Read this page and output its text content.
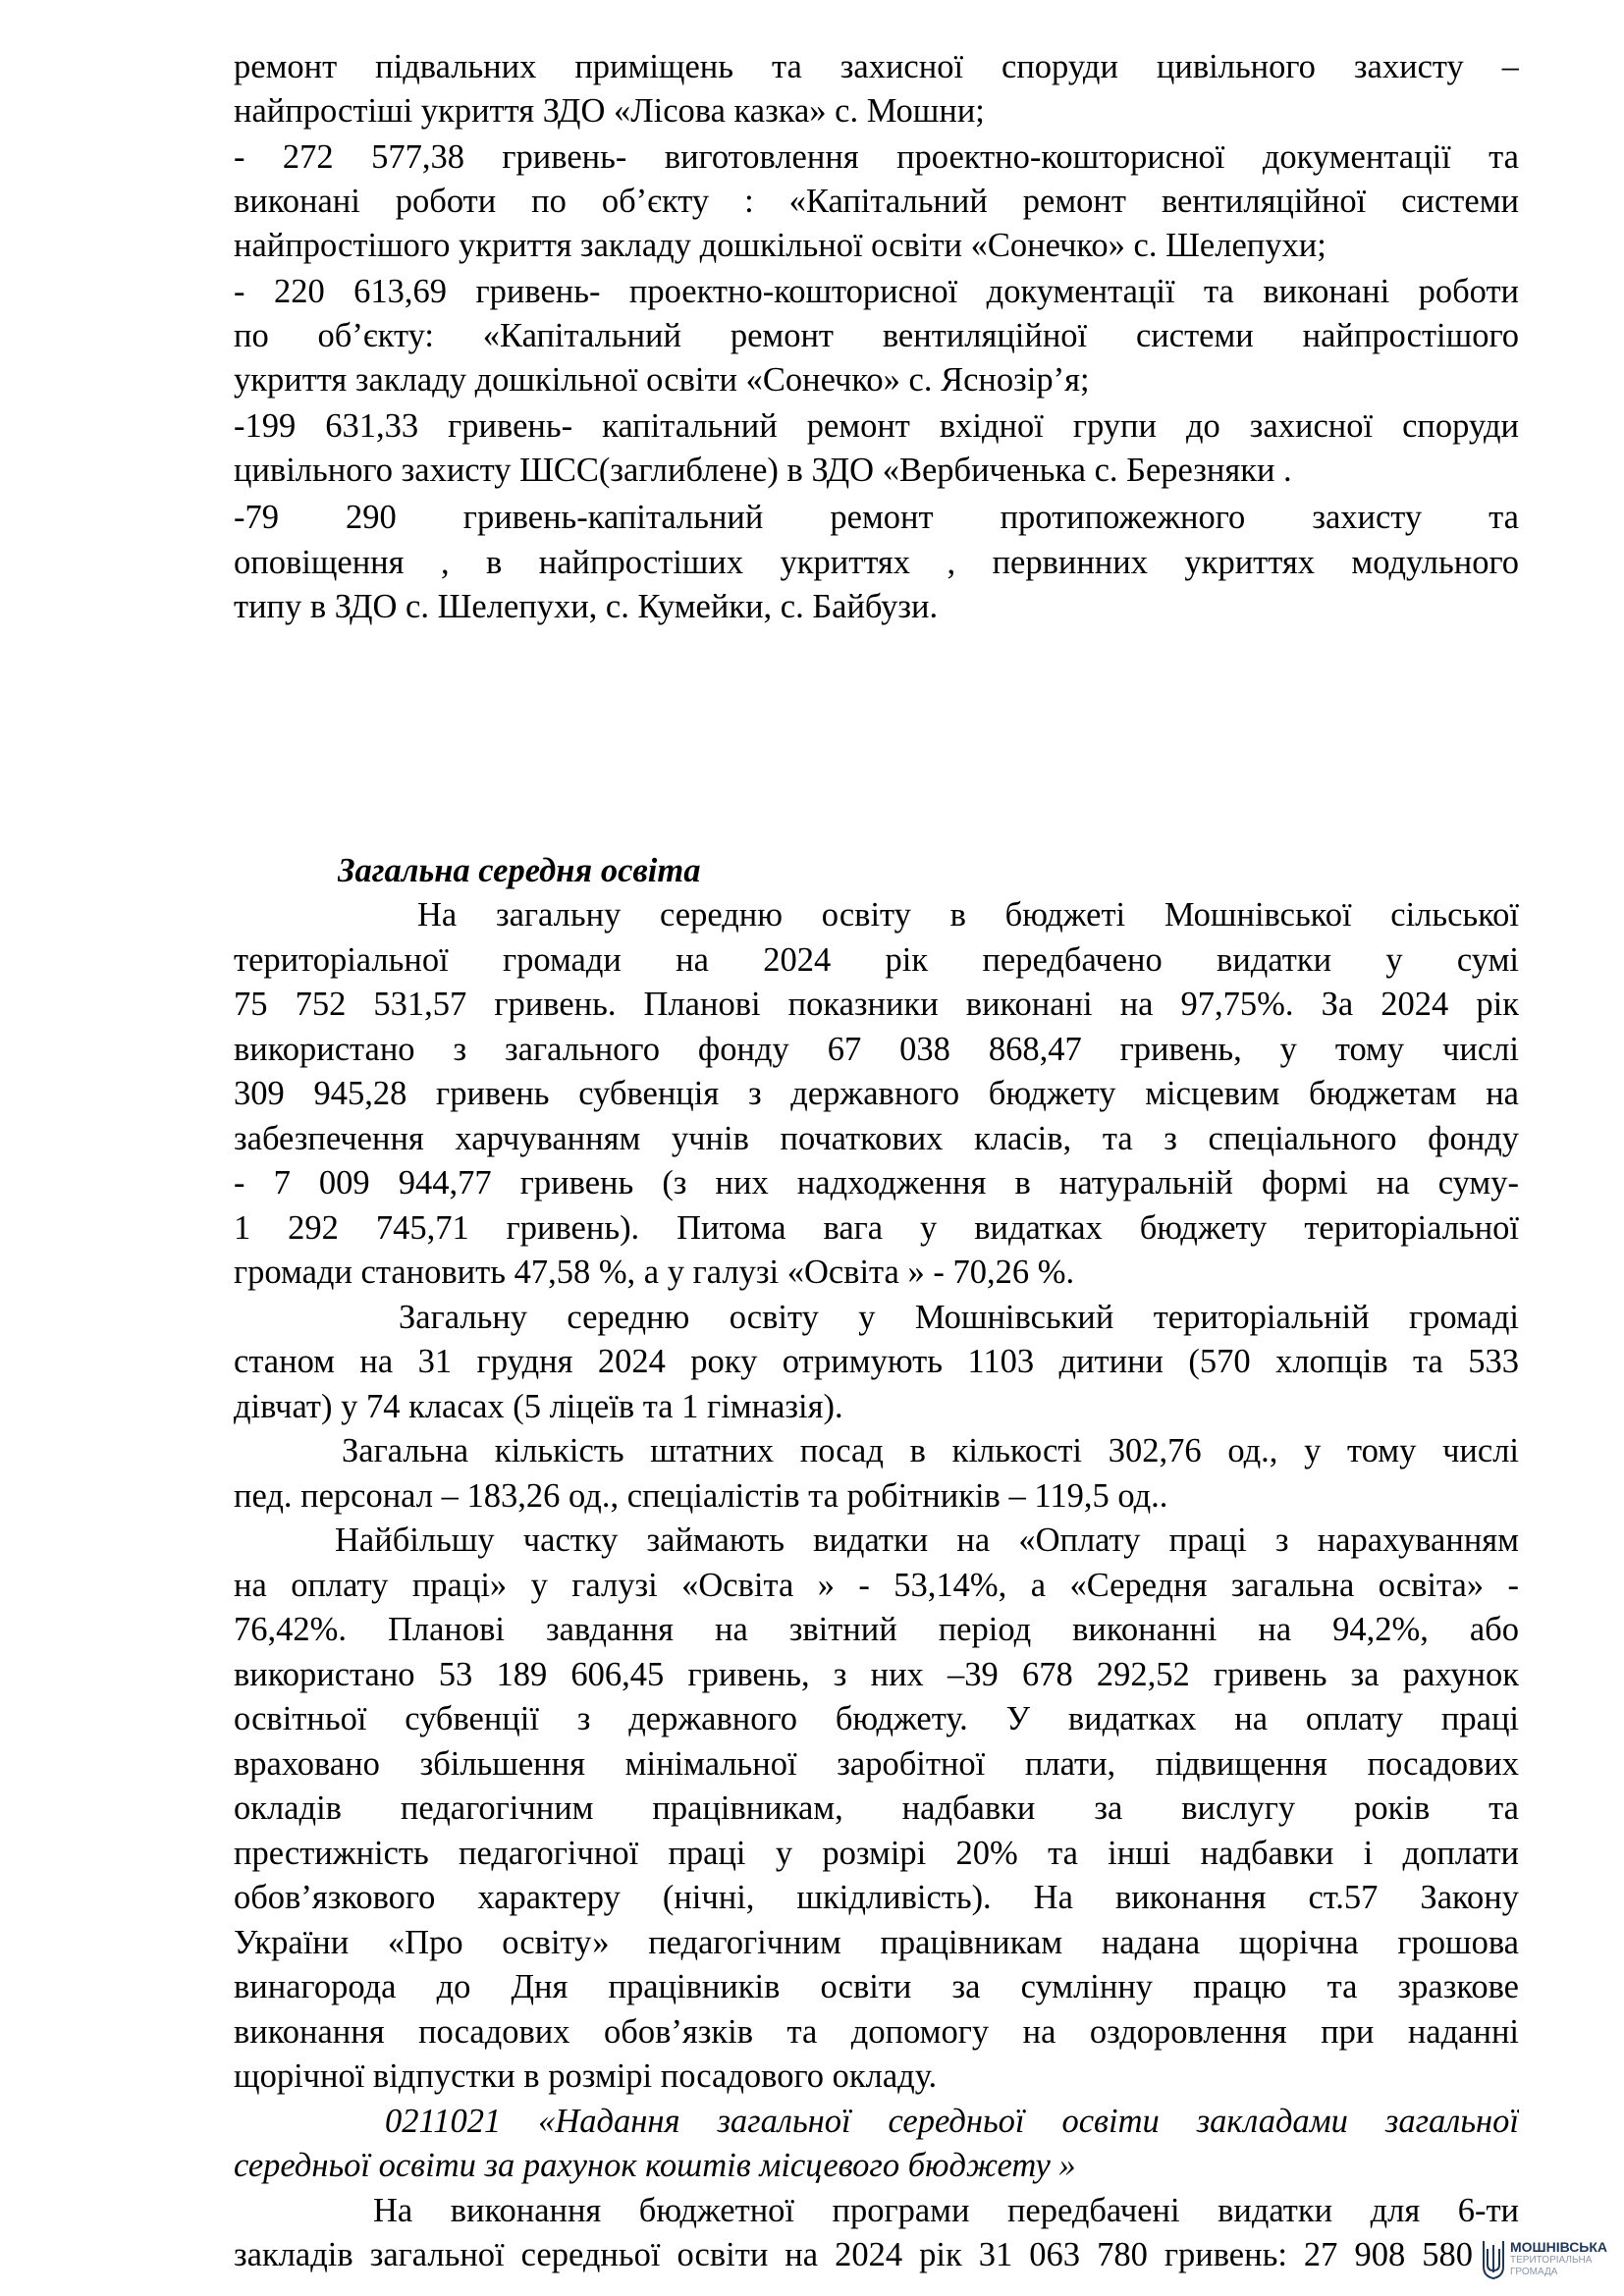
ремонт підвальних приміщень та захисної споруди цивільного захисту –
найпростіші укриття ЗДО «Лісова казка» с. Мошни;
- 272 577,38 гривень- виготовлення проектно-кошторисної документації та
виконані роботи по об’єкту : «Капітальний ремонт вентиляційної системи
найпростішого укриття закладу дошкільної освіти «Сонечко» с. Шелепухи;
- 220 613,69 гривень- проектно-кошторисної документації та виконані роботи
по об’єкту: «Капітальний ремонт вентиляційної системи найпростішого
укриття закладу дошкільної освіти «Сонечко» с. Яснозір’я;
-199 631,33 гривень- капітальний ремонт вхідної групи до захисної споруди
цивільного захисту ШСС(заглиблене) в ЗДО «Вербиченька с. Березняки .
-79 290 гривень-капітальний ремонт протипожежного захисту та
оповіщення , в найпростіших укриттях , первинних укриттях модульного
типу в ЗДО с. Шелепухи, с. Кумейки, с. Байбузи.
Загальна середня освіта
На загальну середню освіту в бюджеті Мошнівської сільської
територіальної громади на 2024 рік передбачено видатки у сумі
75 752 531,57 гривень. Планові показники виконані на 97,75%. За 2024 рік
використано з загального фонду 67 038 868,47 гривень, у тому числі
309 945,28 гривень субвенція з державного бюджету місцевим бюджетам на
забезпечення харчуванням учнів початкових класів, та з спеціального фонду
- 7 009 944,77 гривень (з них надходження в натуральній формі на суму-
1 292 745,71 гривень). Питома вага у видатках бюджету територіальної
громади становить 47,58 %, а у галузі «Освіта » - 70,26 %.
Загальну середню освіту у Мошнівський територіальній громаді
станом на 31 грудня 2024 року отримують 1103 дитини (570 хлопців та 533
дівчат) у 74 класах (5 ліцеїв та 1 гімназія).
Загальна кількість штатних посад в кількості 302,76 од., у тому числі
пед. персонал – 183,26 од., спеціалістів та робітників – 119,5 од..
Найбільшу частку займають видатки на «Оплату праці з нарахуванням
на оплату праці» у галузі «Освіта » - 53,14%, а «Середня загальна освіта» -
76,42%. Планові завдання на звітний період виконанні на 94,2%, або
використано 53 189 606,45 гривень, з них –39 678 292,52 гривень за рахунок
освітньої субвенції з державного бюджету. У видатках на оплату праці
враховано збільшення мінімальної заробітної плати, підвищення посадових
окладів педагогічним працівникам, надбавки за вислугу років та
престижність педагогічної праці у розмірі 20% та інші надбавки і доплати
обов’язкового характеру (нічні, шкідливість). На виконання ст.57 Закону
України «Про освіту» педагогічним працівникам надана щорічна грошова
винагорода до Дня працівників освіти за сумлінну працю та зразкове
виконання посадових обов’язків та допомогу на оздоровлення при наданні
щорічної відпустки в розмірі посадового окладу.
0211021 «Надання загальної середньої освіти закладами загальної
середньої освіти за рахунок коштів місцевого бюджету »
На виконання бюджетної програми передбачені видатки для 6-ти
закладів загальної середньої освіти на 2024 рік 31 063 780 гривень: 27 908 580	МОШНІВСЬКА
ТЕРИТОРІАЛЬНА
ГРОМАДА
